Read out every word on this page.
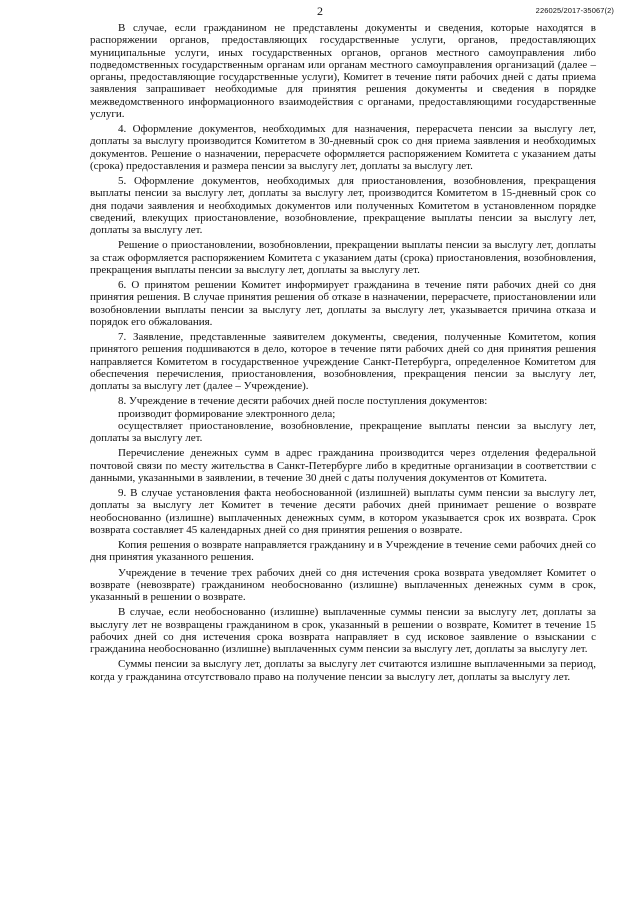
2	226025/2017-35067(2)

В случае, если гражданином не представлены документы и сведения, которые находятся в распоряжении органов, предоставляющих государственные услуги, органов, предоставляющих муниципальные услуги, иных государственных органов, органов местного самоуправления либо подведомственных государственным органам или органам местного самоуправления организаций (далее – органы, предоставляющие государственные услуги), Комитет в течение пяти рабочих дней с даты приема заявления запрашивает необходимые для принятия решения документы и сведения в порядке межведомственного информационного взаимодействия с органами, предоставляющими государственные услуги.

4. Оформление документов, необходимых для назначения, перерасчета пенсии за выслугу лет, доплаты за выслугу производится Комитетом в 30-дневный срок со дня приема заявления и необходимых документов. Решение о назначении, перерасчете оформляется распоряжением Комитета с указанием даты (срока) предоставления и размера пенсии за выслугу лет, доплаты за выслугу лет.

5. Оформление документов, необходимых для приостановления, возобновления, прекращения выплаты пенсии за выслугу лет, доплаты за выслугу лет, производится Комитетом в 15-дневный срок со дня подачи заявления и необходимых документов или полученных Комитетом в установленном порядке сведений, влекущих приостановление, возобновление, прекращение выплаты пенсии за выслугу лет, доплаты за выслугу лет.

Решение о приостановлении, возобновлении, прекращении выплаты пенсии за выслугу лет, доплаты за стаж оформляется распоряжением Комитета с указанием даты (срока) приостановления, возобновления, прекращения выплаты пенсии за выслугу лет, доплаты за выслугу лет.

6. О принятом решении Комитет информирует гражданина в течение пяти рабочих дней со дня принятия решения. В случае принятия решения об отказе в назначении, перерасчете, приостановлении или возобновлении выплаты пенсии за выслугу лет, доплаты за выслугу лет, указывается причина отказа и порядок его обжалования.

7. Заявление, представленные заявителем документы, сведения, полученные Комитетом, копия принятого решения подшиваются в дело, которое в течение пяти рабочих дней со дня принятия решения направляется Комитетом в государственное учреждение Санкт-Петербурга, определенное Комитетом для обеспечения перечисления, приостановления, возобновления, прекращения пенсии за выслугу лет, доплаты за выслугу лет (далее – Учреждение).

8. Учреждение в течение десяти рабочих дней после поступления документов:

производит формирование электронного дела;

осуществляет приостановление, возобновление, прекращение выплаты пенсии за выслугу лет, доплаты за выслугу лет.

Перечисление денежных сумм в адрес гражданина производится через отделения федеральной почтовой связи по месту жительства в Санкт-Петербурге либо в кредитные организации в соответствии с данными, указанными в заявлении, в течение 30 дней с даты получения документов от Комитета.

9. В случае установления факта необоснованной (излишней) выплаты сумм пенсии за выслугу лет, доплаты за выслугу лет Комитет в течение десяти рабочих дней принимает решение о возврате необоснованно (излишне) выплаченных денежных сумм, в котором указывается срок их возврата. Срок возврата составляет 45 календарных дней со дня принятия решения о возврате.

Копия решения о возврате направляется гражданину и в Учреждение в течение семи рабочих дней со дня принятия указанного решения.

Учреждение в течение трех рабочих дней со дня истечения срока возврата уведомляет Комитет о возврате (невозврате) гражданином необоснованно (излишне) выплаченных денежных сумм в срок, указанный в решении о возврате.

В случае, если необоснованно (излишне) выплаченные суммы пенсии за выслугу лет, доплаты за выслугу лет не возвращены гражданином в срок, указанный в решении о возврате, Комитет в течение 15 рабочих дней со дня истечения срока возврата направляет в суд исковое заявление о взыскании с гражданина необоснованно (излишне) выплаченных сумм пенсии за выслугу лет, доплаты за выслугу лет.

Суммы пенсии за выслугу лет, доплаты за выслугу лет считаются излишне выплаченными за период, когда у гражданина отсутствовало право на получение пенсии за выслугу лет, доплаты за выслугу лет.
